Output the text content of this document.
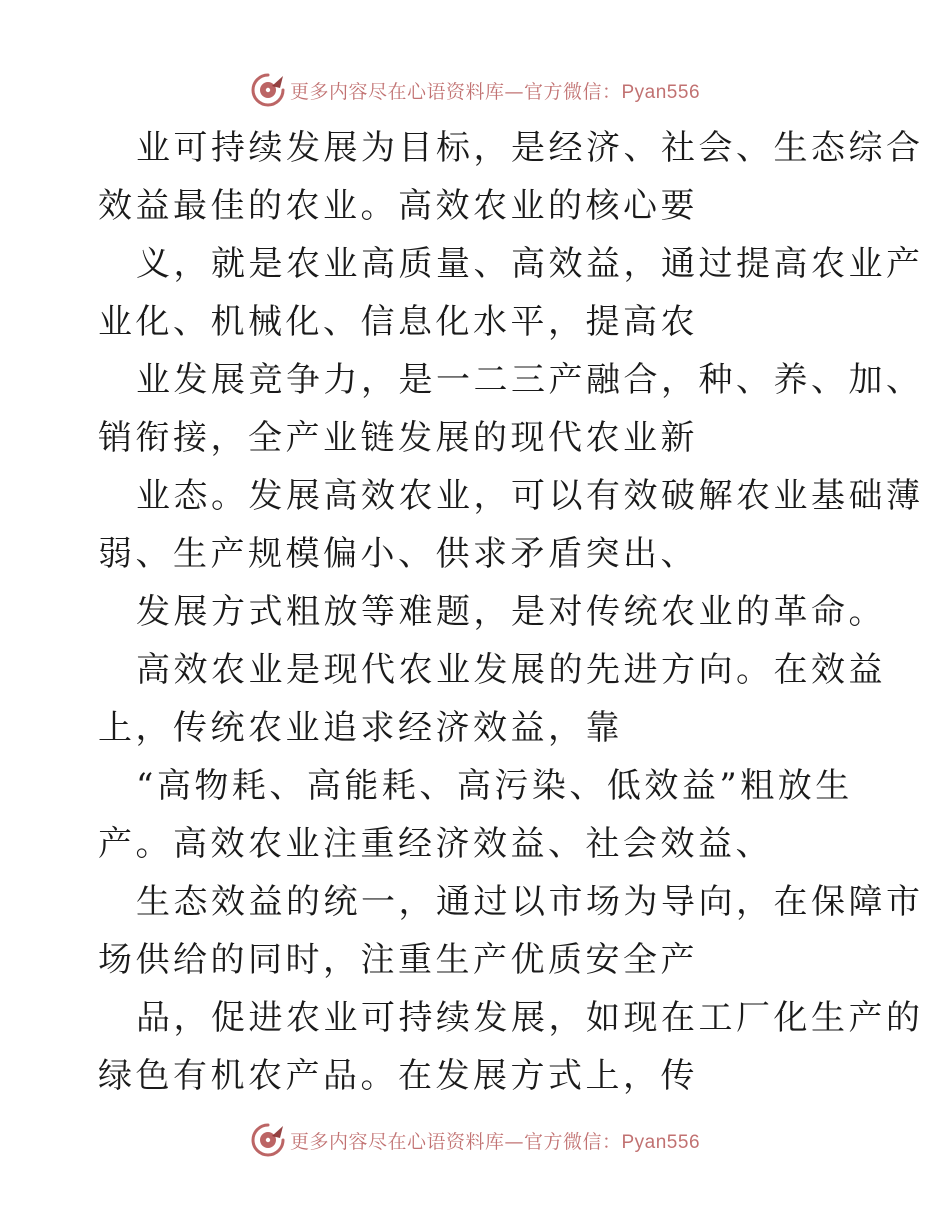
更多内容尽在心语资料库—官方微信：Pyan556
业可持续发展为目标，是经济、社会、生态综合
效益最佳的农业。高效农业的核心要
义，就是农业高质量、高效益，通过提高农业产
业化、机械化、信息化水平，提高农
业发展竞争力，是一二三产融合，种、养、加、
销衔接，全产业链发展的现代农业新
业态。发展高效农业，可以有效破解农业基础薄
弱、生产规模偏小、供求矛盾突出、
发展方式粗放等难题，是对传统农业的革命。
高效农业是现代农业发展的先进方向。在效益
上，传统农业追求经济效益，靠
“高物耗、高能耗、高污染、低效益”粗放生
产。高效农业注重经济效益、社会效益、
生态效益的统一，通过以市场为导向，在保障市
场供给的同时，注重生产优质安全产
品，促进农业可持续发展，如现在工厂化生产的
绿色有机农产品。在发展方式上，传
更多内容尽在心语资料库—官方微信：Pyan556
